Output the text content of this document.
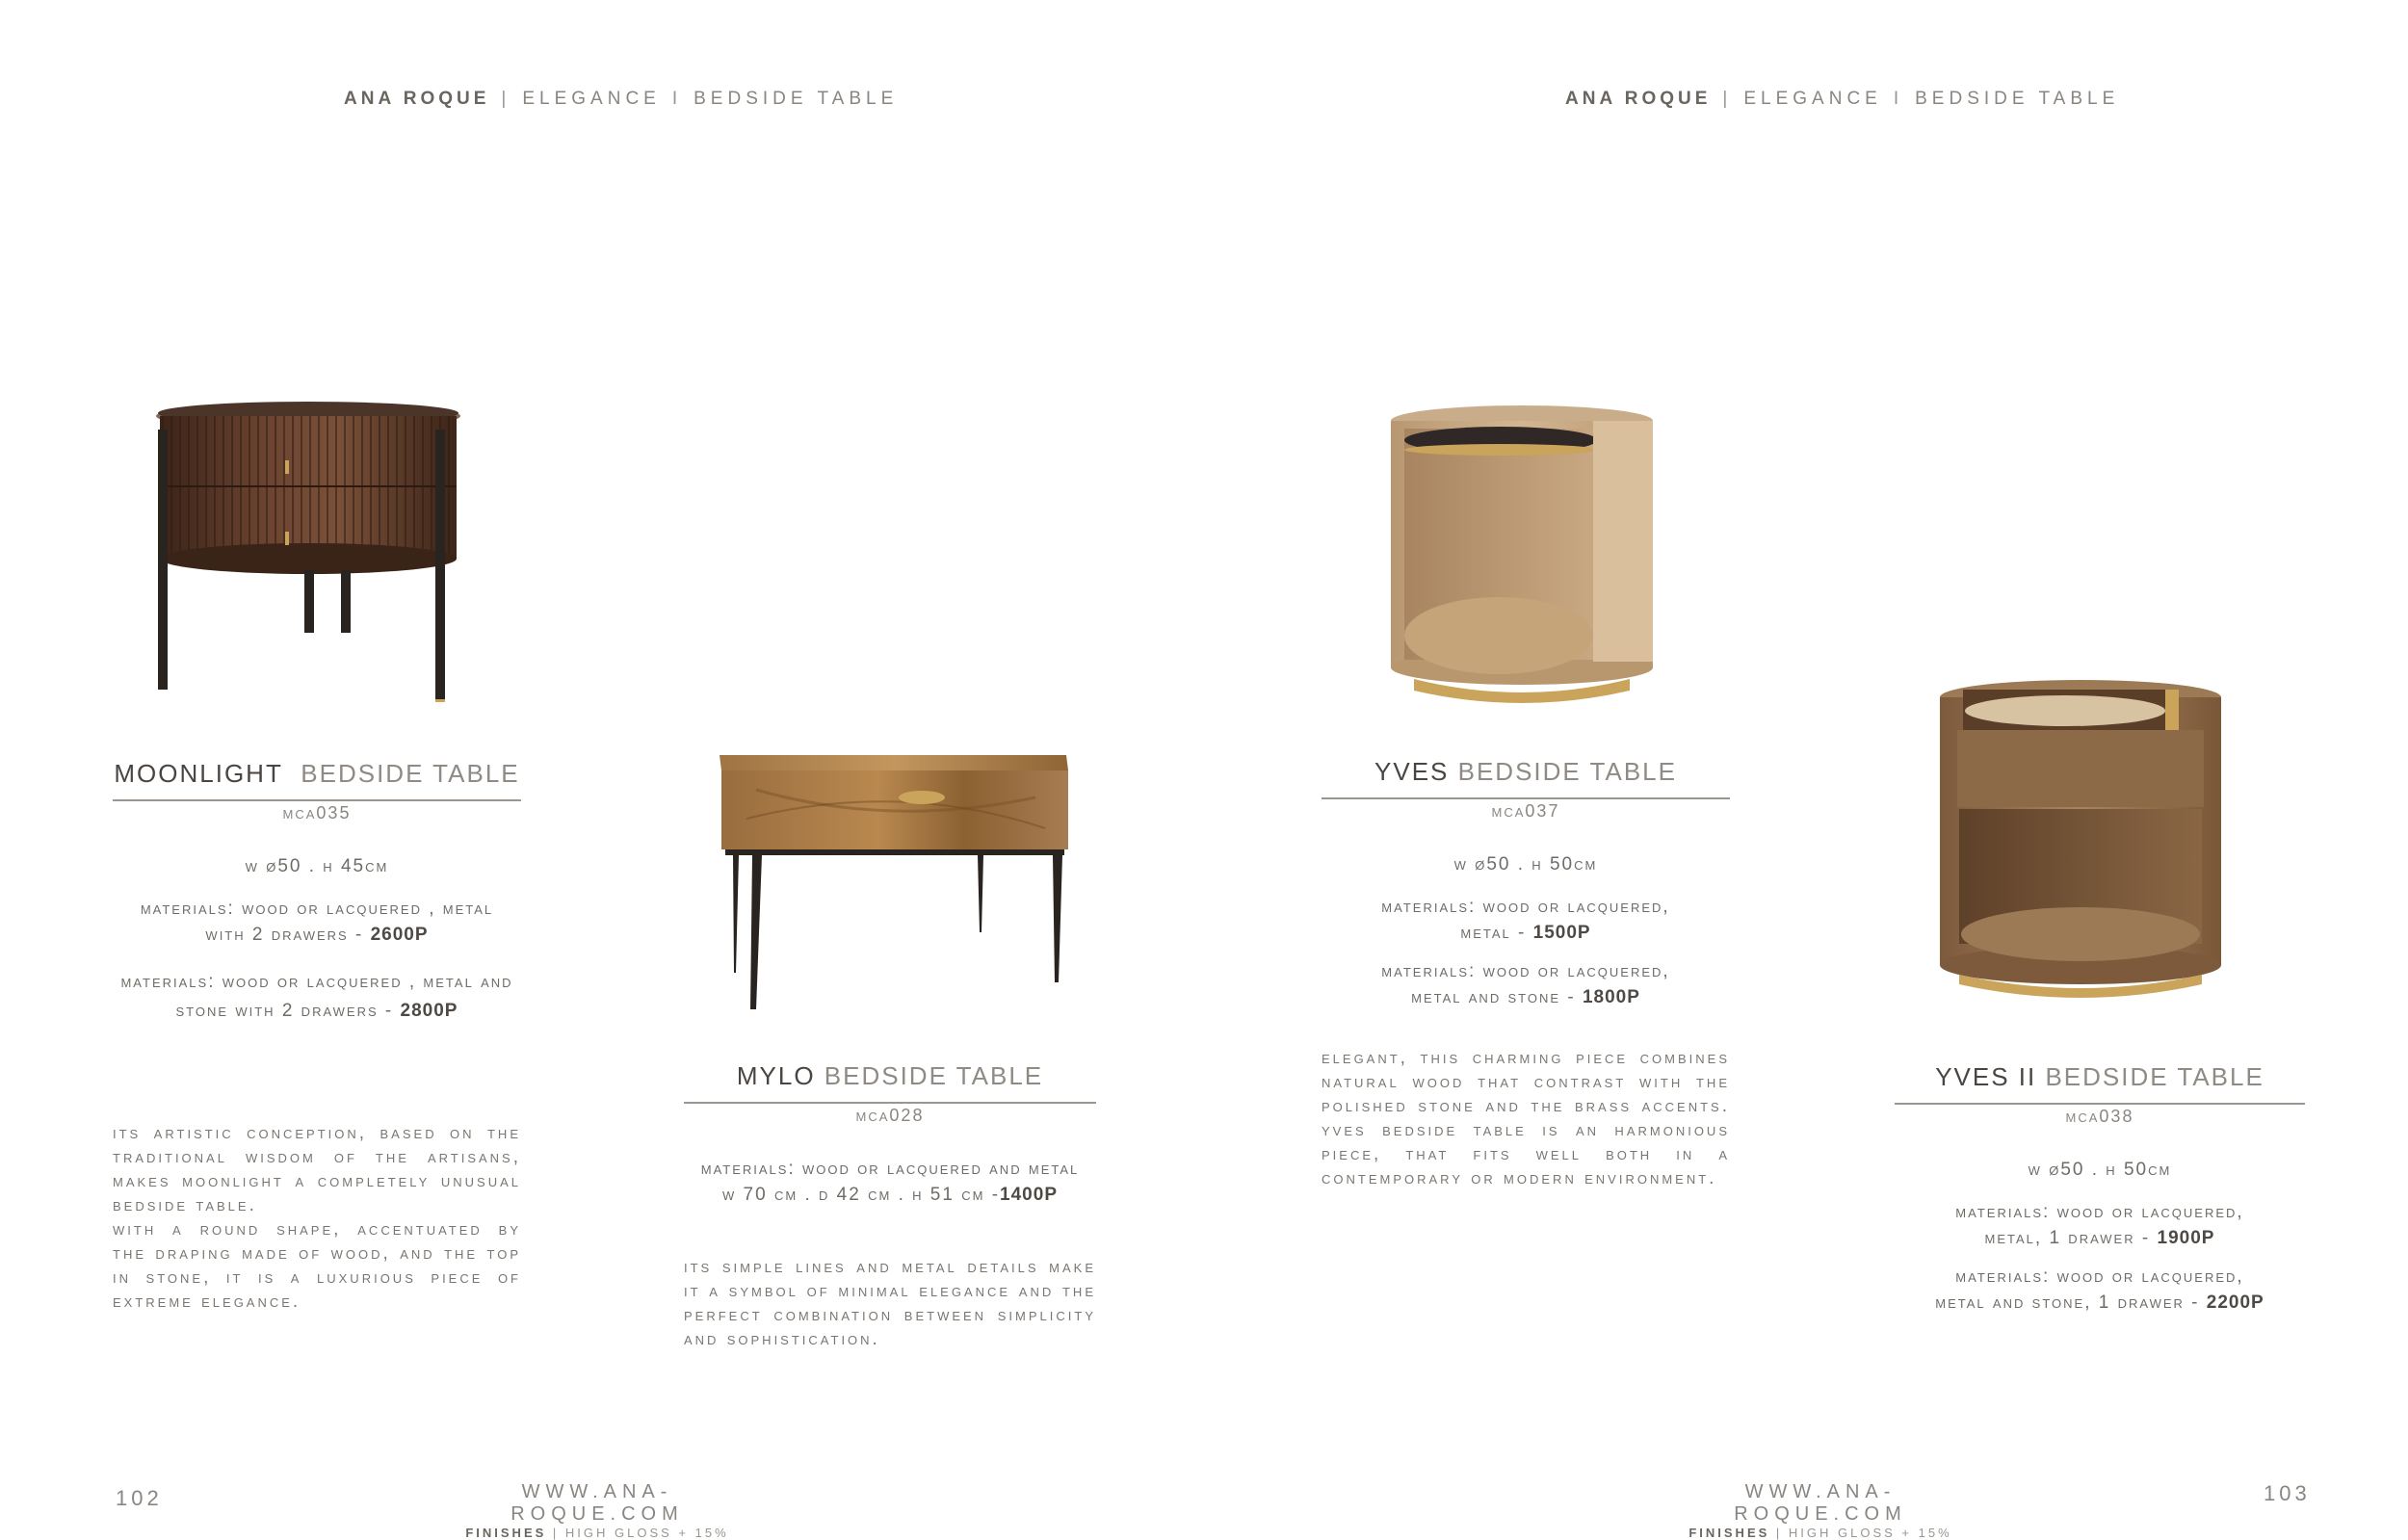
ANA ROQUE | ELEGANCE I BEDSIDE TABLE	ANA ROQUE | ELEGANCE I BEDSIDE TABLE
MOONLIGHT BEDSIDE TABLE
mca035
w ø50 . h 45cm
materials: wood or lacquered , metal
with 2 drawers - 2600P
materials: wood or lacquered , metal and
stone with 2 drawers - 2800P
its artistic conception, based on the traditional wisdom of the artisans, makes moonlight a completely unusual bedside table.
with a round shape, accentuated by the draping made of wood, and the top in stone, it is a luxurious piece of extreme elegance.
MYLO BEDSIDE TABLE
mca028
materials: wood or lacquered and metal
w 70 cm . d 42 cm . h 51 cm -1400P
its simple lines and metal details make it a symbol of minimal elegance and the perfect combination between simplicity and sophistication.
YVES BEDSIDE TABLE
mca037
w ø50 . h 50cm
materials: wood or lacquered,
metal - 1500P
materials: wood or lacquered,
metal and stone - 1800P
elegant, this charming piece combines natural wood that contrast with the polished stone and the brass accents. yves bedside table is an harmonious piece, that fits well both in a contemporary or modern environment.
YVES II BEDSIDE TABLE
mca038
w ø50 . h 50cm
materials: wood or lacquered,
metal, 1 drawer - 1900P
materials: wood or lacquered,
metal and stone, 1 drawer - 2200P
102	103
WWW.ANA-ROQUE.COM
FINISHES | HIGH GLOSS + 15%
WWW.ANA-ROQUE.COM
FINISHES | HIGH GLOSS + 15%
